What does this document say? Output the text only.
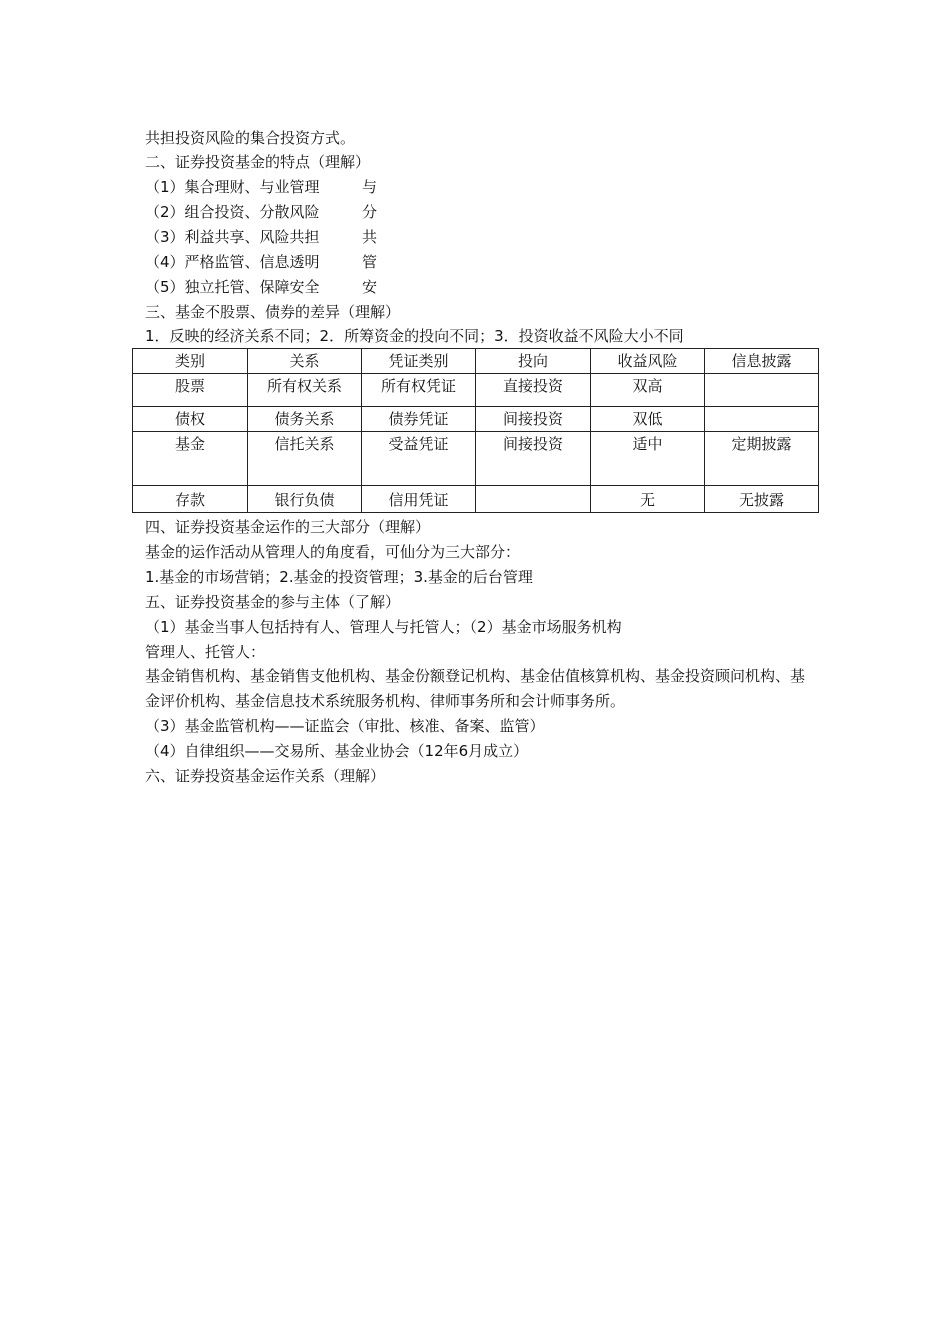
共担投资风险的集合投资方式。
二、证券投资基金的特点（理解）
（1）集合理财、与业管理	与
（2）组合投资、分散风险	分
（3）利益共享、风险共担	共
（4）严格监管、信息透明	管
（5）独立托管、保障安全	安
三、基金不股票、债券的差异（理解）
1．反映的经济关系不同；2．所筹资金的投向不同；3．投资收益不风险大小不同
类别	关系	凭证类别	投向	收益风险	信息披露
股票	所有权关系	所有权凭证	直接投资	双高	
债权	债务关系	债券凭证	间接投资	双低	
基金	信托关系	受益凭证	间接投资	适中	定期披露
存款	银行负债	信用凭证		无	无披露
四、证券投资基金运作的三大部分（理解）
基金的运作活动从管理人的角度看，可仙分为三大部分：
1.基金的市场营销；2.基金的投资管理；3.基金的后台管理
五、证券投资基金的参与主体（了解）
（1）基金当事人包括持有人、管理人与托管人；（2）基金市场服务机构
管理人、托管人：
基金销售机构、基金销售支他机构、基金份额登记机构、基金估值核算机构、基金投资顾问机构、基金评价机构、基金信息技术系统服务机构、律师事务所和会计师事务所。
（3）基金监管机构——证监会（审批、核准、备案、监管）
（4）自律组织——交易所、基金业协会（12年6月成立）
六、证券投资基金运作关系（理解）
